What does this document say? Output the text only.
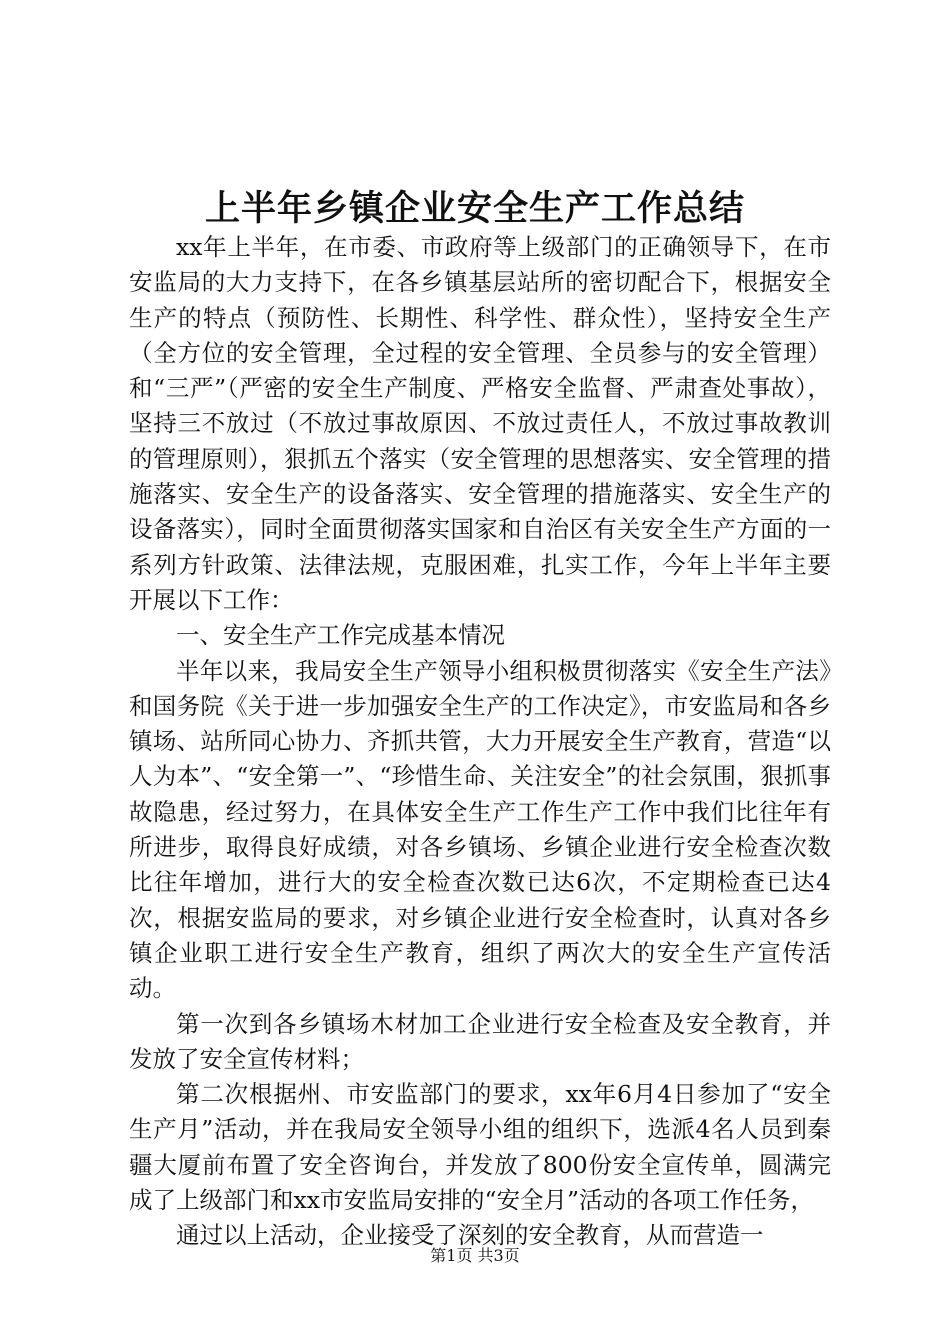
上半年乡镇企业安全生产工作总结

xx年上半年，在市委、市政府等上级部门的正确领导下，在市安监局的大力支持下，在各乡镇基层站所的密切配合下，根据安全生产的特点（预防性、长期性、科学性、群众性），坚持安全生产（全方位的安全管理，全过程的安全管理、全员参与的安全管理）和“三严”（严密的安全生产制度、严格安全监督、严肃查处事故），坚持三不放过（不放过事故原因、不放过责任人，不放过事故教训的管理原则），狠抓五个落实（安全管理的思想落实、安全管理的措施落实、安全生产的设备落实、安全管理的措施落实、安全生产的设备落实），同时全面贯彻落实国家和自治区有关安全生产方面的一系列方针政策、法律法规，克服困难，扎实工作，今年上半年主要开展以下工作：

一、安全生产工作完成基本情况

半年以来，我局安全生产领导小组积极贯彻落实《安全生产法》和国务院《关于进一步加强安全生产的工作决定》，市安监局和各乡镇场、站所同心协力、齐抓共管，大力开展安全生产教育，营造“以人为本”、“安全第一”、“珍惜生命、关注安全”的社会氛围，狠抓事故隐患，经过努力，在具体安全生产工作生产工作中我们比往年有所进步，取得良好成绩，对各乡镇场、乡镇企业进行安全检查次数比往年增加，进行大的安全检查次数已达6次，不定期检查已达4次，根据安监局的要求，对乡镇企业进行安全检查时，认真对各乡镇企业职工进行安全生产教育，组织了两次大的安全生产宣传活动。

第一次到各乡镇场木材加工企业进行安全检查及安全教育，并发放了安全宣传材料；

第二次根据州、市安监部门的要求，xx年6月4日参加了“安全生产月”活动，并在我局安全领导小组的组织下，选派4名人员到秦疆大厦前布置了安全咨询台，并发放了800份安全宣传单，圆满完成了上级部门和xx市安监局安排的“安全月”活动的各项工作任务，

通过以上活动，企业接受了深刻的安全教育，从而营造一

第1页 共3页
